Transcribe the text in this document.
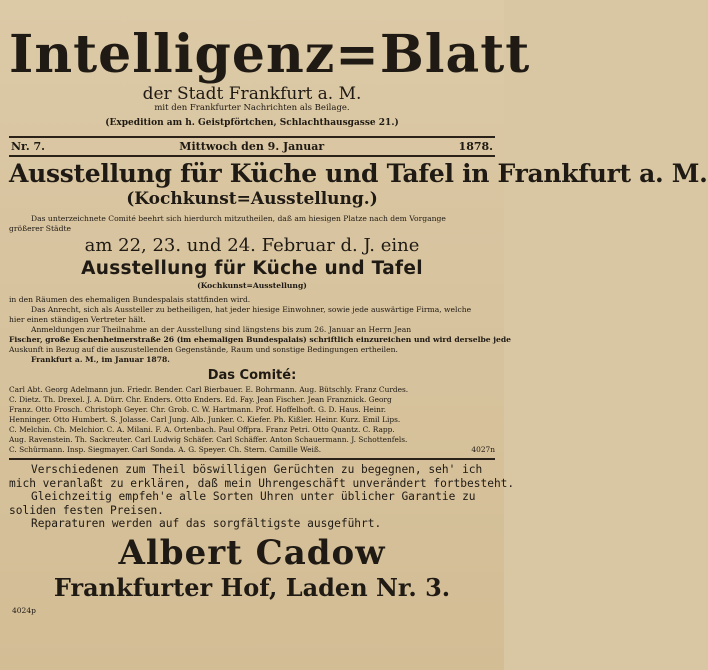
Intelligenz=Blatt
der Stadt Frankfurt a. M.
mit den Frankfurter Nachrichten als Beilage.
(Expedition am h. Geistpförtchen, Schlachthausgasse 21.)
Nr. 7.	Mittwoch den 9. Januar	1878.
Ausstellung für Küche und Tafel in Frankfurt a. M.
(Kochkunst=Ausstellung.)
Das unterzeichnete Comité beehrt sich hierdurch mitzutheilen, daß am hiesigen Platze nach dem Vorgange
größerer Städte
am 22, 23. und 24. Februar d. J. eine
Ausstellung für Küche und Tafel
(Kochkunst=Ausstellung)
in den Räumen des ehemaligen Bundespalais stattfinden wird.
Das Anrecht, sich als Aussteller zu betheiligen, hat jeder hiesige Einwohner, sowie jede auswärtige Firma, welche
hier einen ständigen Vertreter hält.
Anmeldungen zur Theilnahme an der Ausstellung sind längstens bis zum 26. Januar an Herrn Jean
Fischer, große Eschenheimerstraße 26 (im ehemaligen Bundespalais) schriftlich einzureichen und wird derselbe jede
Auskunft in Bezug auf die auszustellenden Gegenstände, Raum und sonstige Bedingungen ertheilen.
Frankfurt a. M., im Januar 1878.
Das Comité:
Carl Abt. Georg Adelmann jun. Friedr. Bender. Carl Bierbauer. E. Bohrmann. Aug. Bütschly. Franz Curdes.
C. Dietz. Th. Drexel. J. A. Dürr. Chr. Enders. Otto Enders. Ed. Fay. Jean Fischer. Jean Franznick. Georg
Franz. Otto Frosch. Christoph Geyer. Chr. Grob. C. W. Hartmann. Prof. Hoffelhoft. G. D. Haus. Heinr.
Henninger. Otto Humbert. S. Jolasse. Carl Jung. Alb. Junker. C. Kiefer. Ph. Kißler. Heinr. Kurz. Emil Lips.
C. Melchin. Ch. Melchior. C. A. Milani. F. A. Ortenbach. Paul Offpra. Franz Petri. Otto Quantz. C. Rapp.
Aug. Ravenstein. Th. Sackreuter. Carl Ludwig Schäfer. Carl Schäffer. Anton Schauermann. J. Schottenfels.
C. Schürmann. Insp. Siegmayer. Carl Sonda. A. G. Speyer. Ch. Stern. Camille Weiß.	4027n
Verschiedenen zum Theil böswilligen Gerüchten zu begegnen, seh' ich
mich veranlaßt zu erklären, daß mein Uhrengeschäft unverändert fortbesteht.
Gleichzeitig empfeh'e alle Sorten Uhren unter üblicher Garantie zu
soliden festen Preisen.
Reparaturen werden auf das sorgfältigste ausgeführt.
Albert Cadow
Frankfurter Hof, Laden Nr. 3.
4024p
